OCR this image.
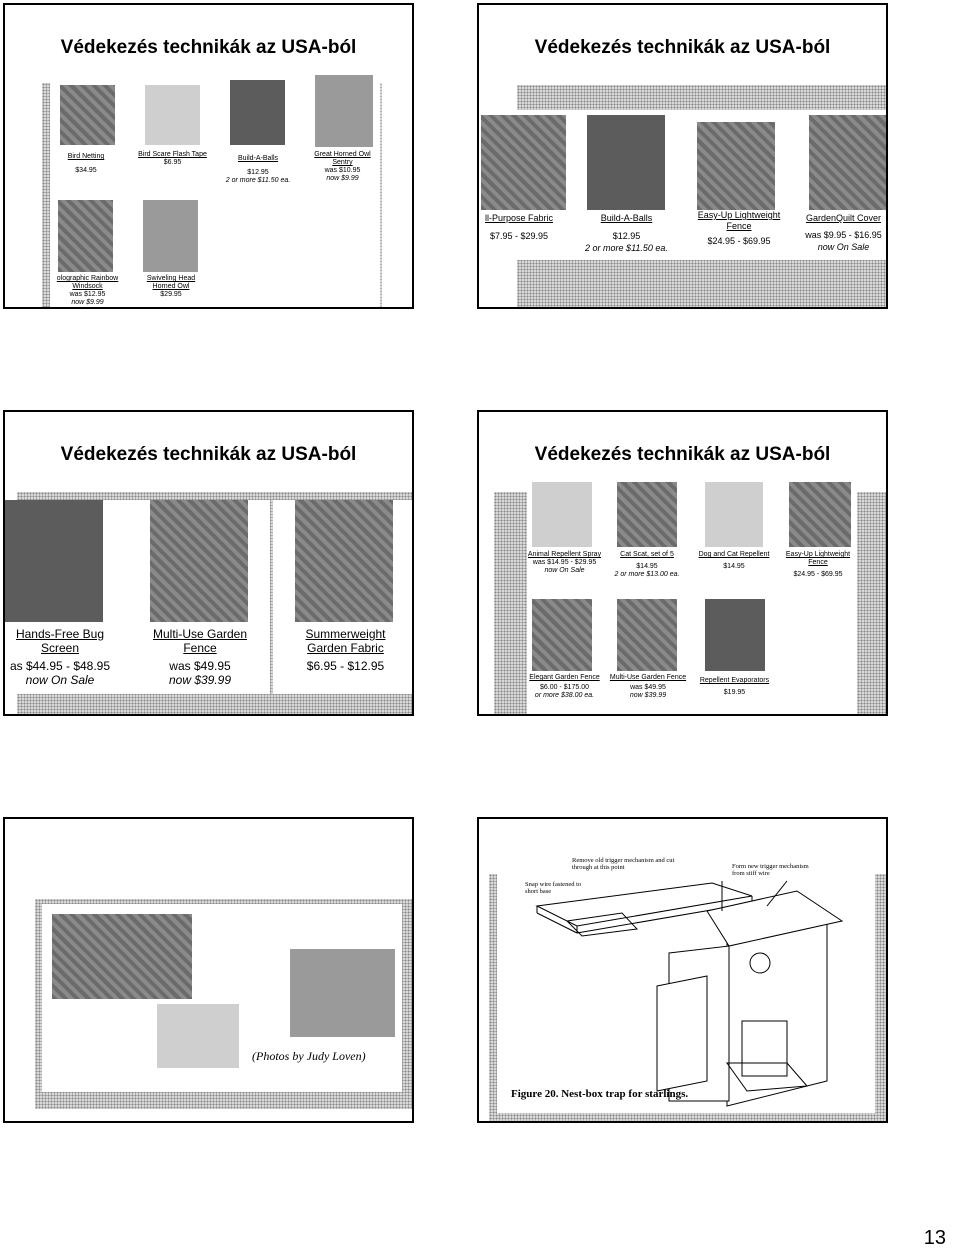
Védekezés technikák az USA-ból
Bird Netting
$34.95
Bird Scare Flash Tape
$6.95
Build-A-Balls
$12.95
2 or more $11.50 ea.
Great Horned Owl Sentry
was $10.95
now $9.99
olographic Rainbow Windsock
was $12.95
now $9.99
Swiveling Head Horned Owl
$29.95
Védekezés technikák az USA-ból
ll-Purpose Fabric
$7.95 - $29.95
Build-A-Balls
$12.95
2 or more $11.50 ea.
Easy-Up Lightweight Fence
$24.95 - $69.95
GardenQuilt Cover
was $9.95 - $16.95
now On Sale
Védekezés technikák az USA-ból
Hands-Free Bug Screen
as $44.95 - $48.95
now On Sale
Multi-Use Garden Fence
was $49.95
now $39.99
Summerweight Garden Fabric
$6.95 - $12.95
Védekezés technikák az USA-ból
Animal Repellent Spray
was $14.95 - $29.95
now On Sale
Cat Scat, set of 5
$14.95
2 or more $13.00 ea.
Dog and Cat Repellent
$14.95
Easy-Up Lightweight Fence
$24.95 - $69.95
Elegant Garden Fence
$6.00 - $175.00
or more $38.00 ea.
Multi-Use Garden Fence
was $49.95
now $39.99
Repellent Evaporators
$19.95
(Photos by Judy Loven)
Remove old trigger mechanism and cut through at this point	Form new trigger mechanism from stiff wire
Snap wire fastened to short base
Figure 20. Nest-box trap for starlings.
13
